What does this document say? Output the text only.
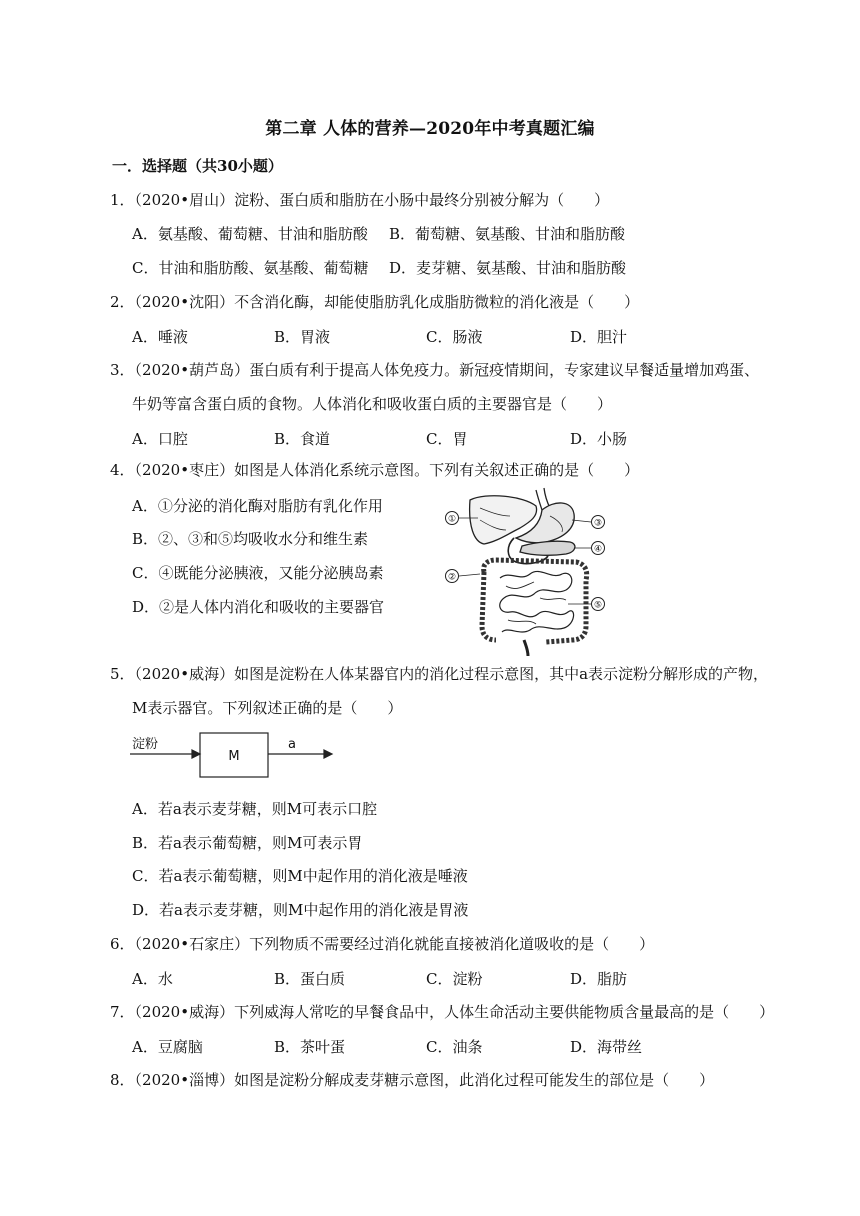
第二章 人体的营养—2020年中考真题汇编
一．选择题（共30小题）
1．（2020•眉山）淀粉、蛋白质和脂肪在小肠中最终分别被分解为（　　）
A．氨基酸、葡萄糖、甘油和脂肪酸 B．葡萄糖、氨基酸、甘油和脂肪酸
C．甘油和脂肪酸、氨基酸、葡萄糖 D．麦芽糖、氨基酸、甘油和脂肪酸
2．（2020•沈阳）不含消化酶，却能使脂肪乳化成脂肪微粒的消化液是（　　）
A．唾液	B．胃液	C．肠液	D．胆汁
3．（2020•葫芦岛）蛋白质有利于提高人体免疫力。新冠疫情期间，专家建议早餐适量增加鸡蛋、
牛奶等富含蛋白质的食物。人体消化和吸收蛋白质的主要器官是（　　）
A．口腔	B．食道	C．胃	D．小肠
4．（2020•枣庄）如图是人体消化系统示意图。下列有关叙述正确的是（　　）
A．①分泌的消化酶对脂肪有乳化作用
B．②、③和⑤均吸收水分和维生素
C．④既能分泌胰液，又能分泌胰岛素
D．②是人体内消化和吸收的主要器官
①
②
③
④
⑤
5．（2020•威海）如图是淀粉在人体某器官内的消化过程示意图，其中a表示淀粉分解形成的产物，
M表示器官。下列叙述正确的是（　　）
淀粉
M
a
A．若a表示麦芽糖，则M可表示口腔
B．若a表示葡萄糖，则M可表示胃
C．若a表示葡萄糖，则M中起作用的消化液是唾液
D．若a表示麦芽糖，则M中起作用的消化液是胃液
6．（2020•石家庄）下列物质不需要经过消化就能直接被消化道吸收的是（　　）
A．水	B．蛋白质	C．淀粉	D．脂肪
7．（2020•威海）下列威海人常吃的早餐食品中，人体生命活动主要供能物质含量最高的是（　　）
A．豆腐脑	B．茶叶蛋	C．油条	D．海带丝
8．（2020•淄博）如图是淀粉分解成麦芽糖示意图，此消化过程可能发生的部位是（　　）
